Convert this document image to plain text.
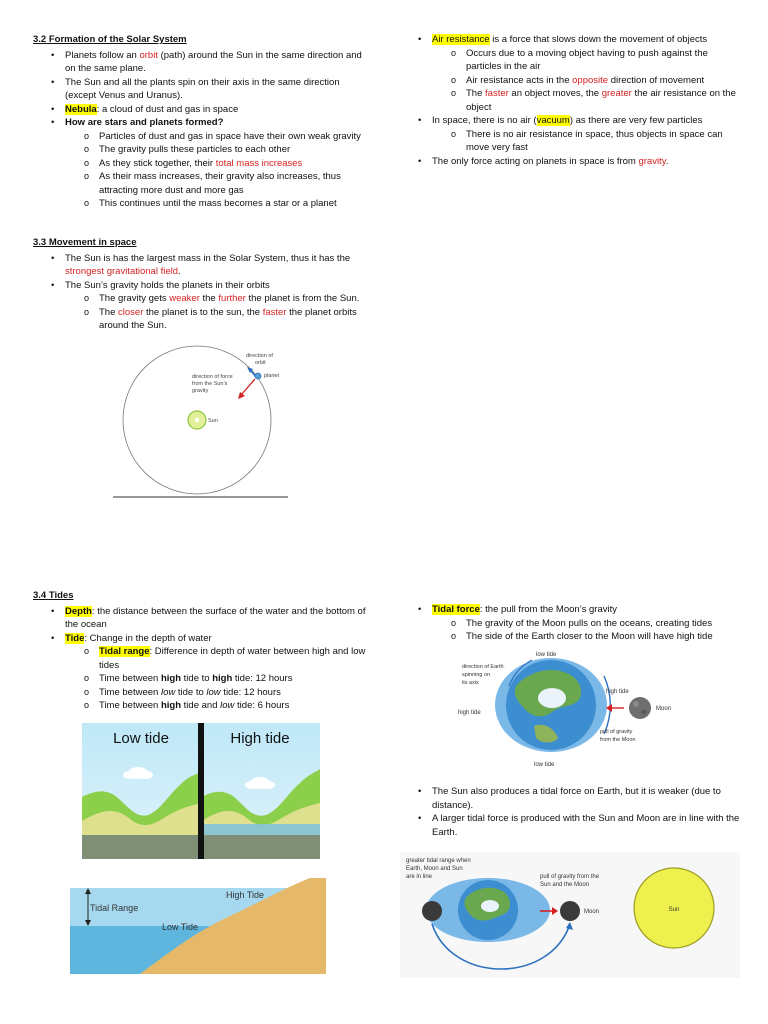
3.2 Formation of the Solar System
• Planets follow an orbit (path) around the Sun in the same direction and on the same plane.
• The Sun and all the plants spin on their axis in the same direction (except Venus and Uranus).
• Nebula: a cloud of dust and gas in space
• How are stars and planets formed?
o Particles of dust and gas in space have their own weak gravity
o The gravity pulls these particles to each other
o As they stick together, their total mass increases
o As their mass increases, their gravity also increases, thus attracting more dust and more gas
o This continues until the mass becomes a star or a planet
3.3 Movement in space
• The Sun is has the largest mass in the Solar System, thus it has the strongest gravitational field.
• The Sun’s gravity holds the planets in their orbits
o The gravity gets weaker the further the planet is from the Sun.
o The closer the planet is to the sun, the faster the planet orbits around the Sun.
Sun
direction of
orbit
planet
direction of force
from the Sun’s
gravity
• Air resistance is a force that slows down the movement of objects
o Occurs due to a moving object having to push against the particles in the air
o Air resistance acts in the opposite direction of movement
o The faster an object moves, the greater the air resistance on the object
• In space, there is no air (vacuum) as there are very few particles
o There is no air resistance in space, thus objects in space can move very fast
• The only force acting on planets in space is from gravity.
3.4 Tides
• Depth: the distance between the surface of the water and the bottom of the ocean
• Tide: Change in the depth of water
o Tidal range: Difference in depth of water between high and low tides
o Time between high tide to high tide: 12 hours
o Time between low tide to low tide: 12 hours
o Time between high tide and low tide: 6 hours
Low tide	High tide
High Tide
Tidal Range
Low Tide
• Tidal force: the pull from the Moon’s gravity
o The gravity of the Moon pulls on the oceans, creating tides
o The side of the Earth closer to the Moon will have high tide
low tide
direction of Earth
spinning on
its axis
high tide
high tide
Moon
pull of gravity
from the Moon
low tide
• The Sun also produces a tidal force on Earth, but it is weaker (due to distance).
• A larger tidal force is produced with the Sun and Moon are in line with the Earth.
greater tidal range when
Earth, Moon and Sun
are in line	pull of gravity from the
Sun and the Moon
Moon	Sun
